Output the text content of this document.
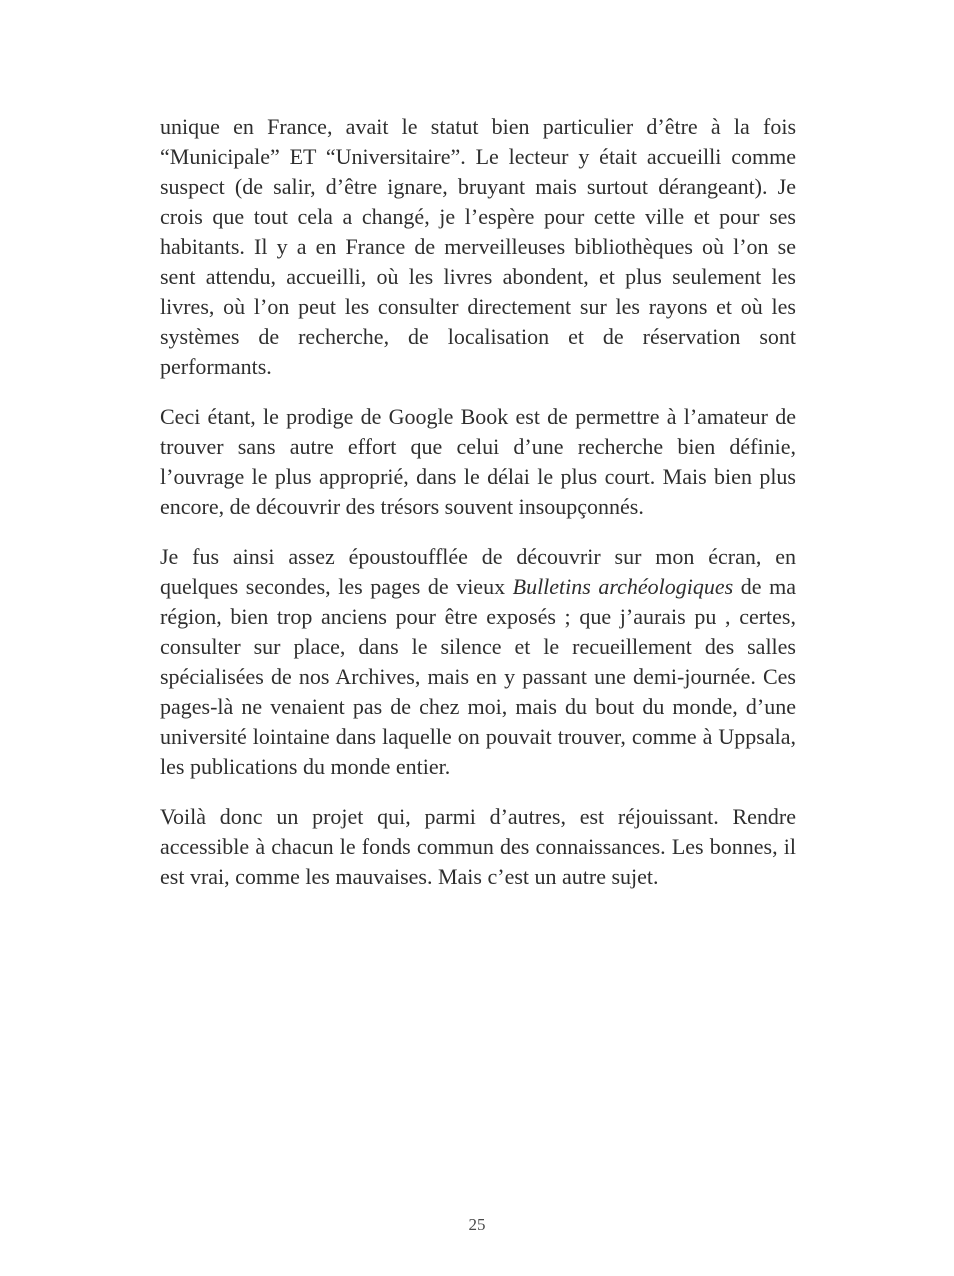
unique en France, avait le statut bien particulier d’être à la fois “Municipale” ET “Universitaire”. Le lecteur y était accueilli comme suspect (de salir, d’être ignare, bruyant mais surtout dérangeant). Je crois que tout cela a changé, je l’espère pour cette ville et pour ses habitants. Il y a en France de merveilleuses bibliothèques où l’on se sent attendu, accueilli, où les livres abondent, et plus seulement les livres, où l’on peut les consulter directement sur les rayons et où les systèmes de recherche, de localisation et de réservation sont performants.

Ceci étant, le prodige de Google Book est de permettre à l’amateur de trouver sans autre effort que celui d’une recherche bien définie, l’ouvrage le plus approprié, dans le délai le plus court. Mais bien plus encore, de découvrir des trésors souvent insoupçonnés.

Je fus ainsi assez époustoufflée de découvrir sur mon écran, en quelques secondes, les pages de vieux Bulletins archéologiques de ma région, bien trop anciens pour être exposés ; que j’aurais pu , certes, consulter sur place, dans le silence et le recueillement des salles spécialisées de nos Archives, mais en y passant une demi-journée. Ces pages-là ne venaient pas de chez moi, mais du bout du monde, d’une université lointaine dans laquelle on pouvait trouver, comme à Uppsala, les publications du monde entier.

Voilà donc un projet qui, parmi d’autres, est réjouissant. Rendre accessible à chacun le fonds commun des connaissances. Les bonnes, il est vrai, comme les mauvaises. Mais c’est un autre sujet.

25
